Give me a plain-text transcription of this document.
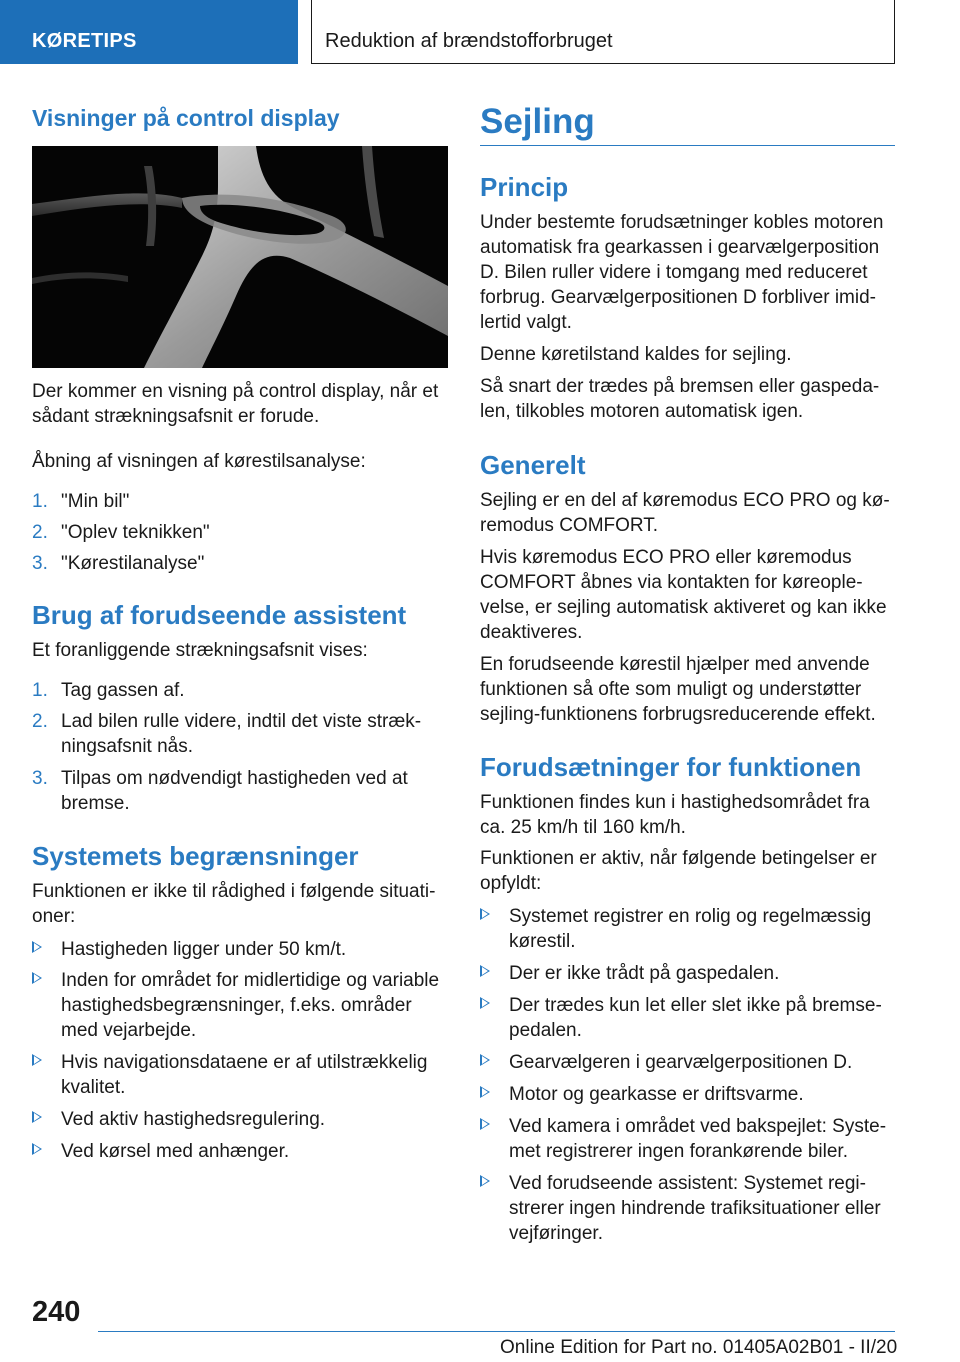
KØRETIPS	Reduktion af brændstofforbruget
Visninger på control display
Der kommer en visning på control display, når et sådant strækningsafsnit er forude.
Åbning af visningen af kørestilsanalyse:
1. "Min bil"
2. "Oplev teknikken"
3. "Kørestilanalyse"
Brug af forudseende assistent
Et foranliggende strækningsafsnit vises:
1. Tag gassen af.
2. Lad bilen rulle videre, indtil det viste strækningsafsnit nås.
3. Tilpas om nødvendigt hastigheden ved at bremse.
Systemets begrænsninger
Funktionen er ikke til rådighed i følgende situationer:
Hastigheden ligger under 50 km/t.
Inden for området for midlertidige og variable hastighedsbegrænsninger, f.eks. områder med vejarbejde.
Hvis navigationsdataene er af utilstrækkelig kvalitet.
Ved aktiv hastighedsregulering.
Ved kørsel med anhænger.
Sejling
Princip
Under bestemte forudsætninger kobles motoren automatisk fra gearkassen i gearvælgerposition D. Bilen ruller videre i tomgang med reduceret forbrug. Gearvælgerpositionen D forbliver imidlertid valgt.
Denne køretilstand kaldes for sejling.
Så snart der trædes på bremsen eller gaspedalen, tilkobles motoren automatisk igen.
Generelt
Sejling er en del af køremodus ECO PRO og køremodus COMFORT.
Hvis køremodus ECO PRO eller køremodus COMFORT åbnes via kontakten for køreoplevelse, er sejling automatisk aktiveret og kan ikke deaktiveres.
En forudseende kørestil hjælper med anvende funktionen så ofte som muligt og understøtter sejling-funktionens forbrugsreducerende effekt.
Forudsætninger for funktionen
Funktionen findes kun i hastighedsområdet fra ca. 25 km/h til 160 km/h.
Funktionen er aktiv, når følgende betingelser er opfyldt:
Systemet registrer en rolig og regelmæssig kørestil.
Der er ikke trådt på gaspedalen.
Der trædes kun let eller slet ikke på bremsepedalen.
Gearvælgeren i gearvælgerpositionen D.
Motor og gearkasse er driftsvarme.
Ved kamera i området ved bakspejlet: Systemet registrerer ingen forankørende biler.
Ved forudseende assistent: Systemet registrerer ingen hindrende trafiksituationer eller vejføringer.
240
Online Edition for Part no. 01405A02B01 - II/20
